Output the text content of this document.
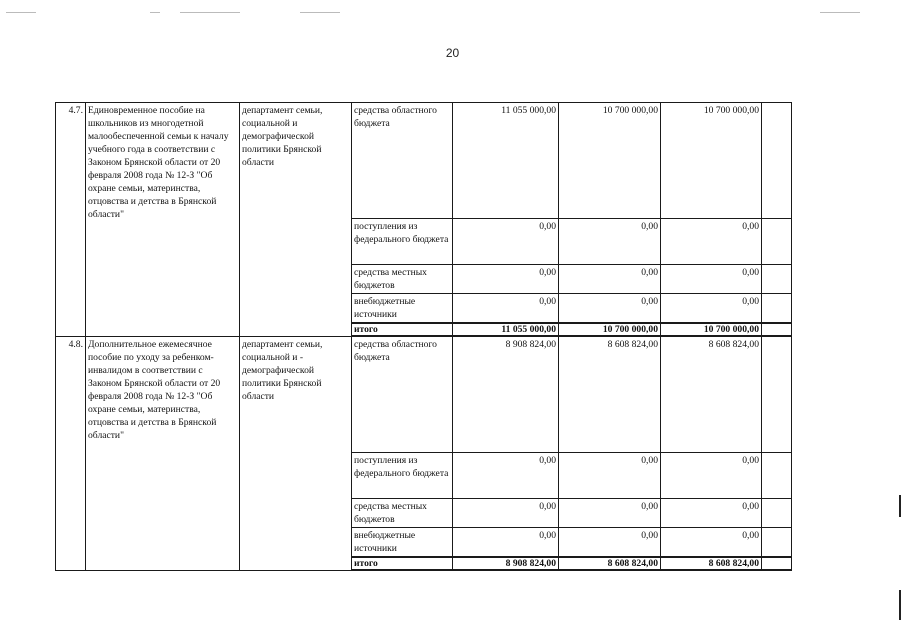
20
4.7.	Единовременное пособие на школьников из многодетной малообеспеченной семьи к началу учебного года в соответствии с Законом Брянской области от 20 февраля 2008 года № 12-З "Об охране семьи, материнства, отцовства и детства в Брянской области"	департамент семьи, социальной и демографической политики Брянской области	средства областного бюджета	11 055 000,00	10 700 000,00	10 700 000,00	
			поступления из федерального бюджета	0,00	0,00	0,00	
			средства местных бюджетов	0,00	0,00	0,00	
			внебюджетные источники	0,00	0,00	0,00	
			итого	11 055 000,00	10 700 000,00	10 700 000,00	
4.8.	Дополнительное ежемесячное пособие по уходу за ребенком-инвалидом в соответствии с Законом Брянской области от 20 февраля 2008 года № 12-З "Об охране семьи, материнства, отцовства и детства в Брянской области"	департамент семьи, социальной и - демографической политики Брянской области	средства областного бюджета	8 908 824,00	8 608 824,00	8 608 824,00	
			поступления из федерального бюджета	0,00	0,00	0,00	
			средства местных бюджетов	0,00	0,00	0,00	
			внебюджетные источники	0,00	0,00	0,00	
			итого	8 908 824,00	8 608 824,00	8 608 824,00	
